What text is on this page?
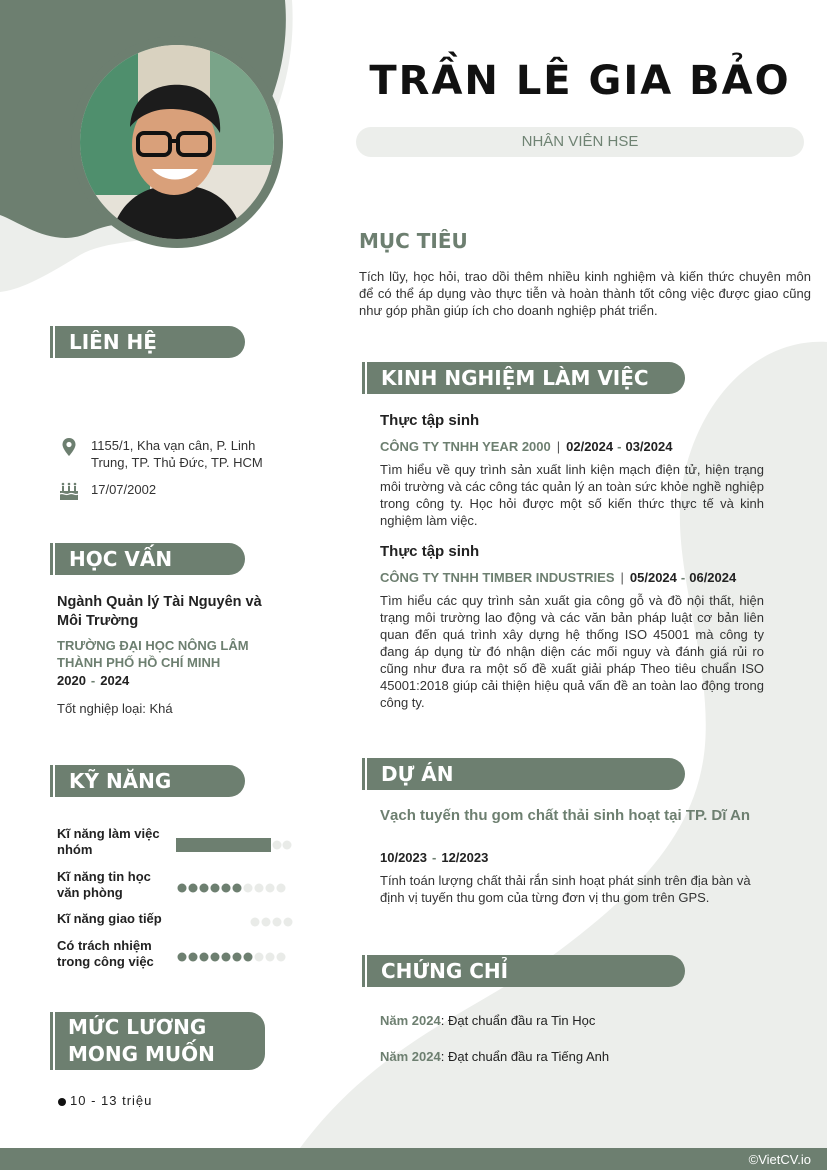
TRẦN LÊ GIA BẢO
NHÂN VIÊN HSE
MỤC TIÊU
Tích lũy, học hỏi, trao dồi thêm nhiều kinh nghiệm và kiến thức chuyên môn để có thể áp dụng vào thực tiễn và hoàn thành tốt công việc được giao cũng như góp phần giúp ích cho doanh nghiệp phát triển.
LIÊN HỆ
1155/1, Kha vạn cân, P. Linh Trung, TP. Thủ Đức, TP. HCM
17/07/2002
HỌC VẤN
Ngành Quản lý Tài Nguyên và Môi Trường
TRƯỜNG ĐẠI HỌC NÔNG LÂM THÀNH PHỐ HỒ CHÍ MINH
2020 - 2024
Tốt nghiệp loại: Khá
KỸ NĂNG
Kĩ năng làm việc nhóm
Kĩ năng tin học văn phòng
Kĩ năng giao tiếp
Có trách nhiệm trong công việc
MỨC LƯƠNG
MONG MUỐN
10 - 13 triệu
KINH NGHIỆM LÀM VIỆC
Thực tập sinh
CÔNG TY TNHH YEAR 2000 | 02/2024 - 03/2024
Tìm hiểu về quy trình sản xuất linh kiện mạch điện tử, hiện trạng môi trường và các công tác quản lý an toàn sức khỏe nghề nghiệp trong công ty. Học hỏi được một số kiến thức thực tế và kinh nghiệm làm việc.
Thực tập sinh
CÔNG TY TNHH TIMBER INDUSTRIES | 05/2024 - 06/2024
Tìm hiểu các quy trình sản xuất gia công gỗ và đồ nội thất, hiện trạng môi trường lao động và các văn bản pháp luật cơ bản liên quan đến quá trình xây dựng hệ thống ISO 45001 mà công ty đang áp dụng từ đó nhận diện các mối nguy và đánh giá rủi ro cũng như đưa ra một số đề xuất giải pháp Theo tiêu chuẩn ISO 45001:2018 giúp cải thiện hiệu quả vấn đề an toàn lao động trong công ty.
DỰ ÁN
Vạch tuyến thu gom chất thải sinh hoạt tại TP. Dĩ An
10/2023 - 12/2023
Tính toán lượng chất thải rắn sinh hoạt phát sinh trên địa bàn và định vị tuyến thu gom của từng đơn vị thu gom trên GPS.
CHỨNG CHỈ
Năm 2024: Đạt chuẩn đầu ra Tin Học
Năm 2024: Đạt chuẩn đầu ra Tiếng Anh
©VietCV.io
